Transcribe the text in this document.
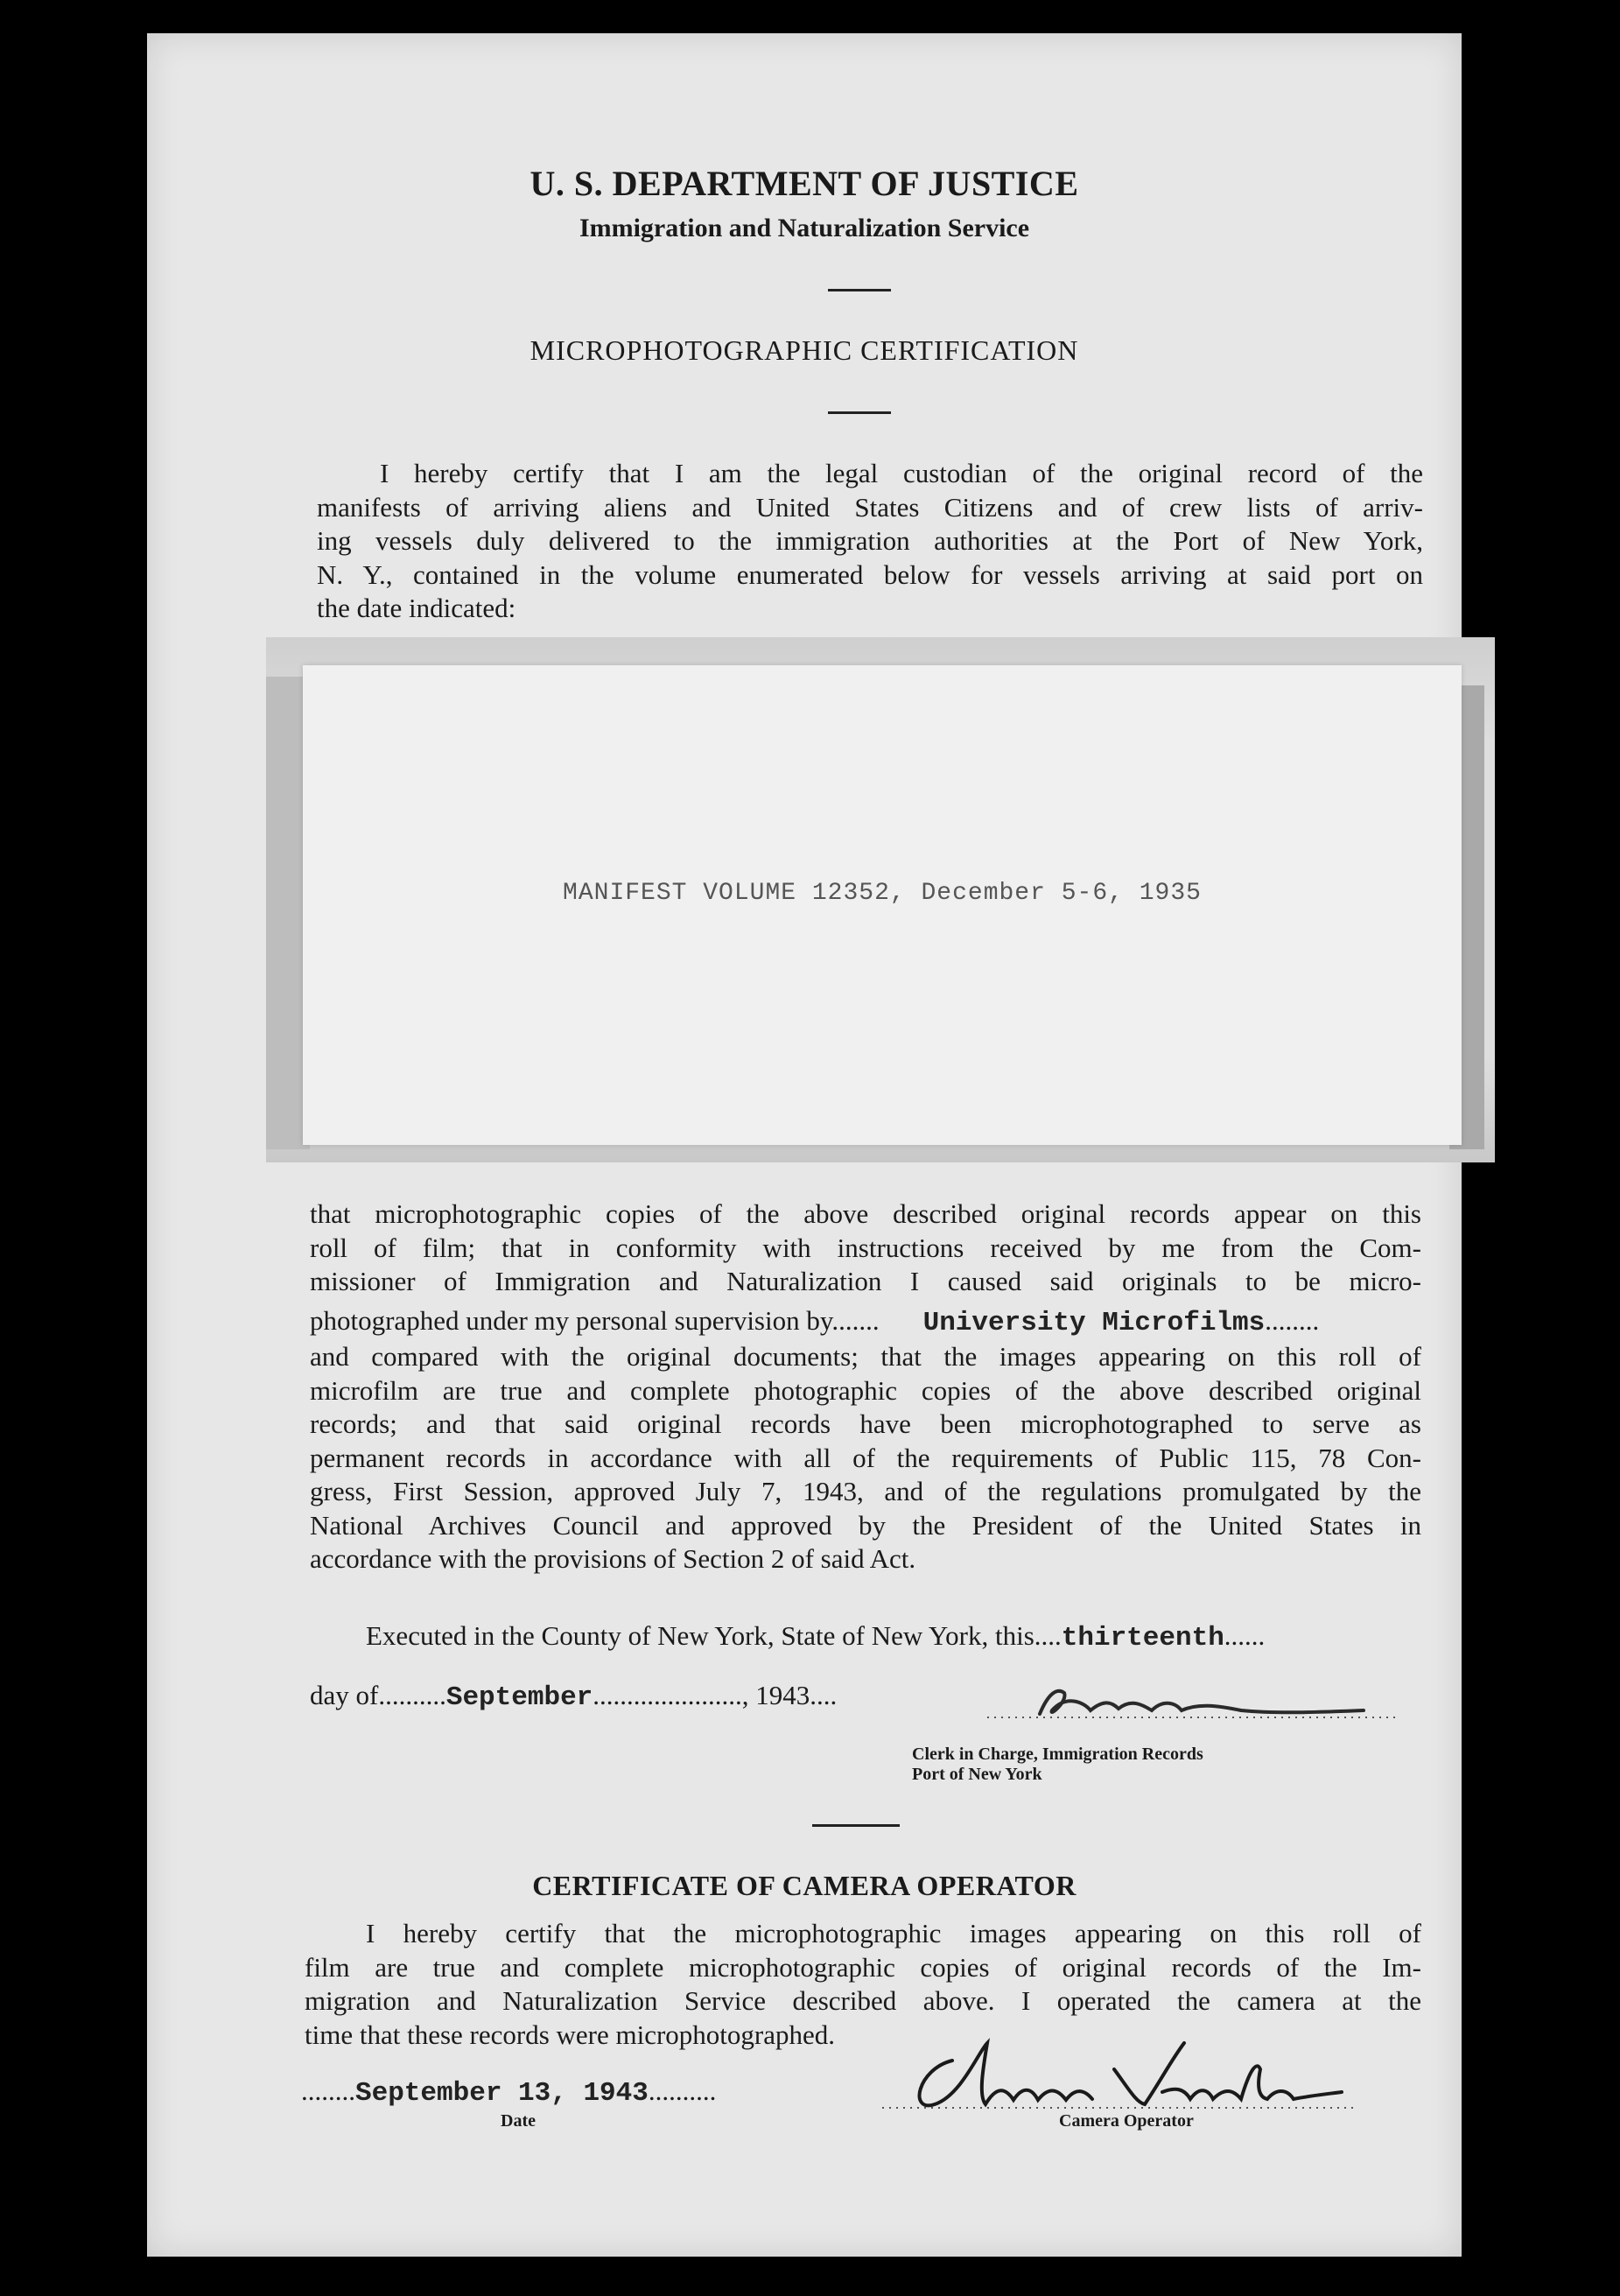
U. S. DEPARTMENT OF JUSTICE
Immigration and Naturalization Service
MICROPHOTOGRAPHIC CERTIFICATION
I hereby certify that I am the legal custodian of the original record of the
manifests of arriving aliens and United States Citizens and of crew lists of arriv-
ing vessels duly delivered to the immigration authorities at the Port of New York,
N. Y., contained in the volume enumerated below for vessels arriving at said port on
the date indicated:
MANIFEST VOLUME 12352, December 5-6, 1935
that microphotographic copies of the above described original records appear on this
roll of film; that in conformity with instructions received by me from the Com-
missioner of Immigration and Naturalization I caused said originals to be micro-
photographed under my personal supervision by....... University Microfilms........
and compared with the original documents; that the images appearing on this roll of
microfilm are true and complete photographic copies of the above described original
records; and that said original records have been microphotographed to serve as
permanent records in accordance with all of the requirements of Public 115, 78 Con-
gress, First Session, approved July 7, 1943, and of the regulations promulgated by the
National Archives Council and approved by the President of the United States in
accordance with the provisions of Section 2 of said Act.
Executed in the County of New York, State of New York, this....thirteenth......
day of..........September......................, 1943....
Clerk in Charge, Immigration Records
Port of New York
CERTIFICATE OF CAMERA OPERATOR
I hereby certify that the microphotographic images appearing on this roll of
film are true and complete microphotographic copies of original records of the Im-
migration and Naturalization Service described above. I operated the camera at the
time that these records were microphotographed.
........September 13, 1943..........
Date	Camera Operator
